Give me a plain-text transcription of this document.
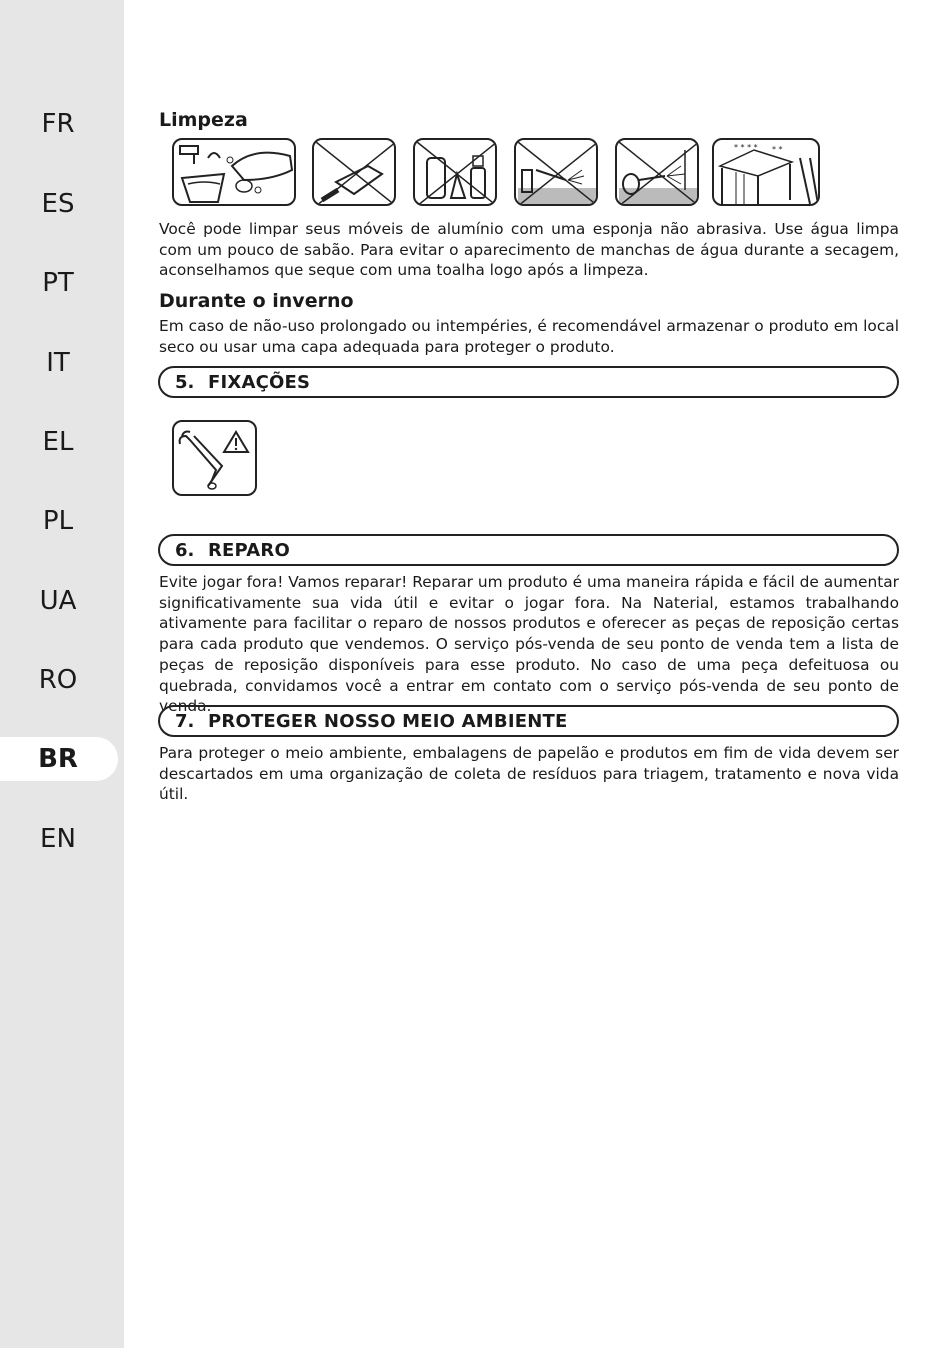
FR
ES
PT
IT
EL
PL
UA
RO
BR
EN
Limpeza
* * * * * *

Você pode limpar seus móveis de alumínio com uma esponja não abrasiva. Use água limpa com um pouco de sabão. Para evitar o aparecimento de manchas de água durante a secagem, aconselhamos que seque com uma toalha logo após a limpeza.

Durante o inverno

Em caso de não-uso prolongado ou intempéries, é recomendável armazenar o produto em local seco ou usar uma capa adequada para proteger o produto.

5. FIXAÇÕES
6. REPARO

Evite jogar fora! Vamos reparar! Reparar um produto é uma maneira rápida e fácil de aumentar significativamente sua vida útil e evitar o jogar fora. Na Naterial, estamos trabalhando ativamente para facilitar o reparo de nossos produtos e oferecer as peças de reposição certas para cada produto que vendemos. O serviço pós-venda de seu ponto de venda tem a lista de peças de reposição disponíveis para esse produto. No caso de uma peça defeituosa ou quebrada, convidamos você a entrar em contato com o serviço pós-venda de seu ponto de venda.

7. PROTEGER NOSSO MEIO AMBIENTE

Para proteger o meio ambiente, embalagens de papelão e produtos em fim de vida devem ser descartados em uma organização de coleta de resíduos para triagem, tratamento e nova vida útil.
